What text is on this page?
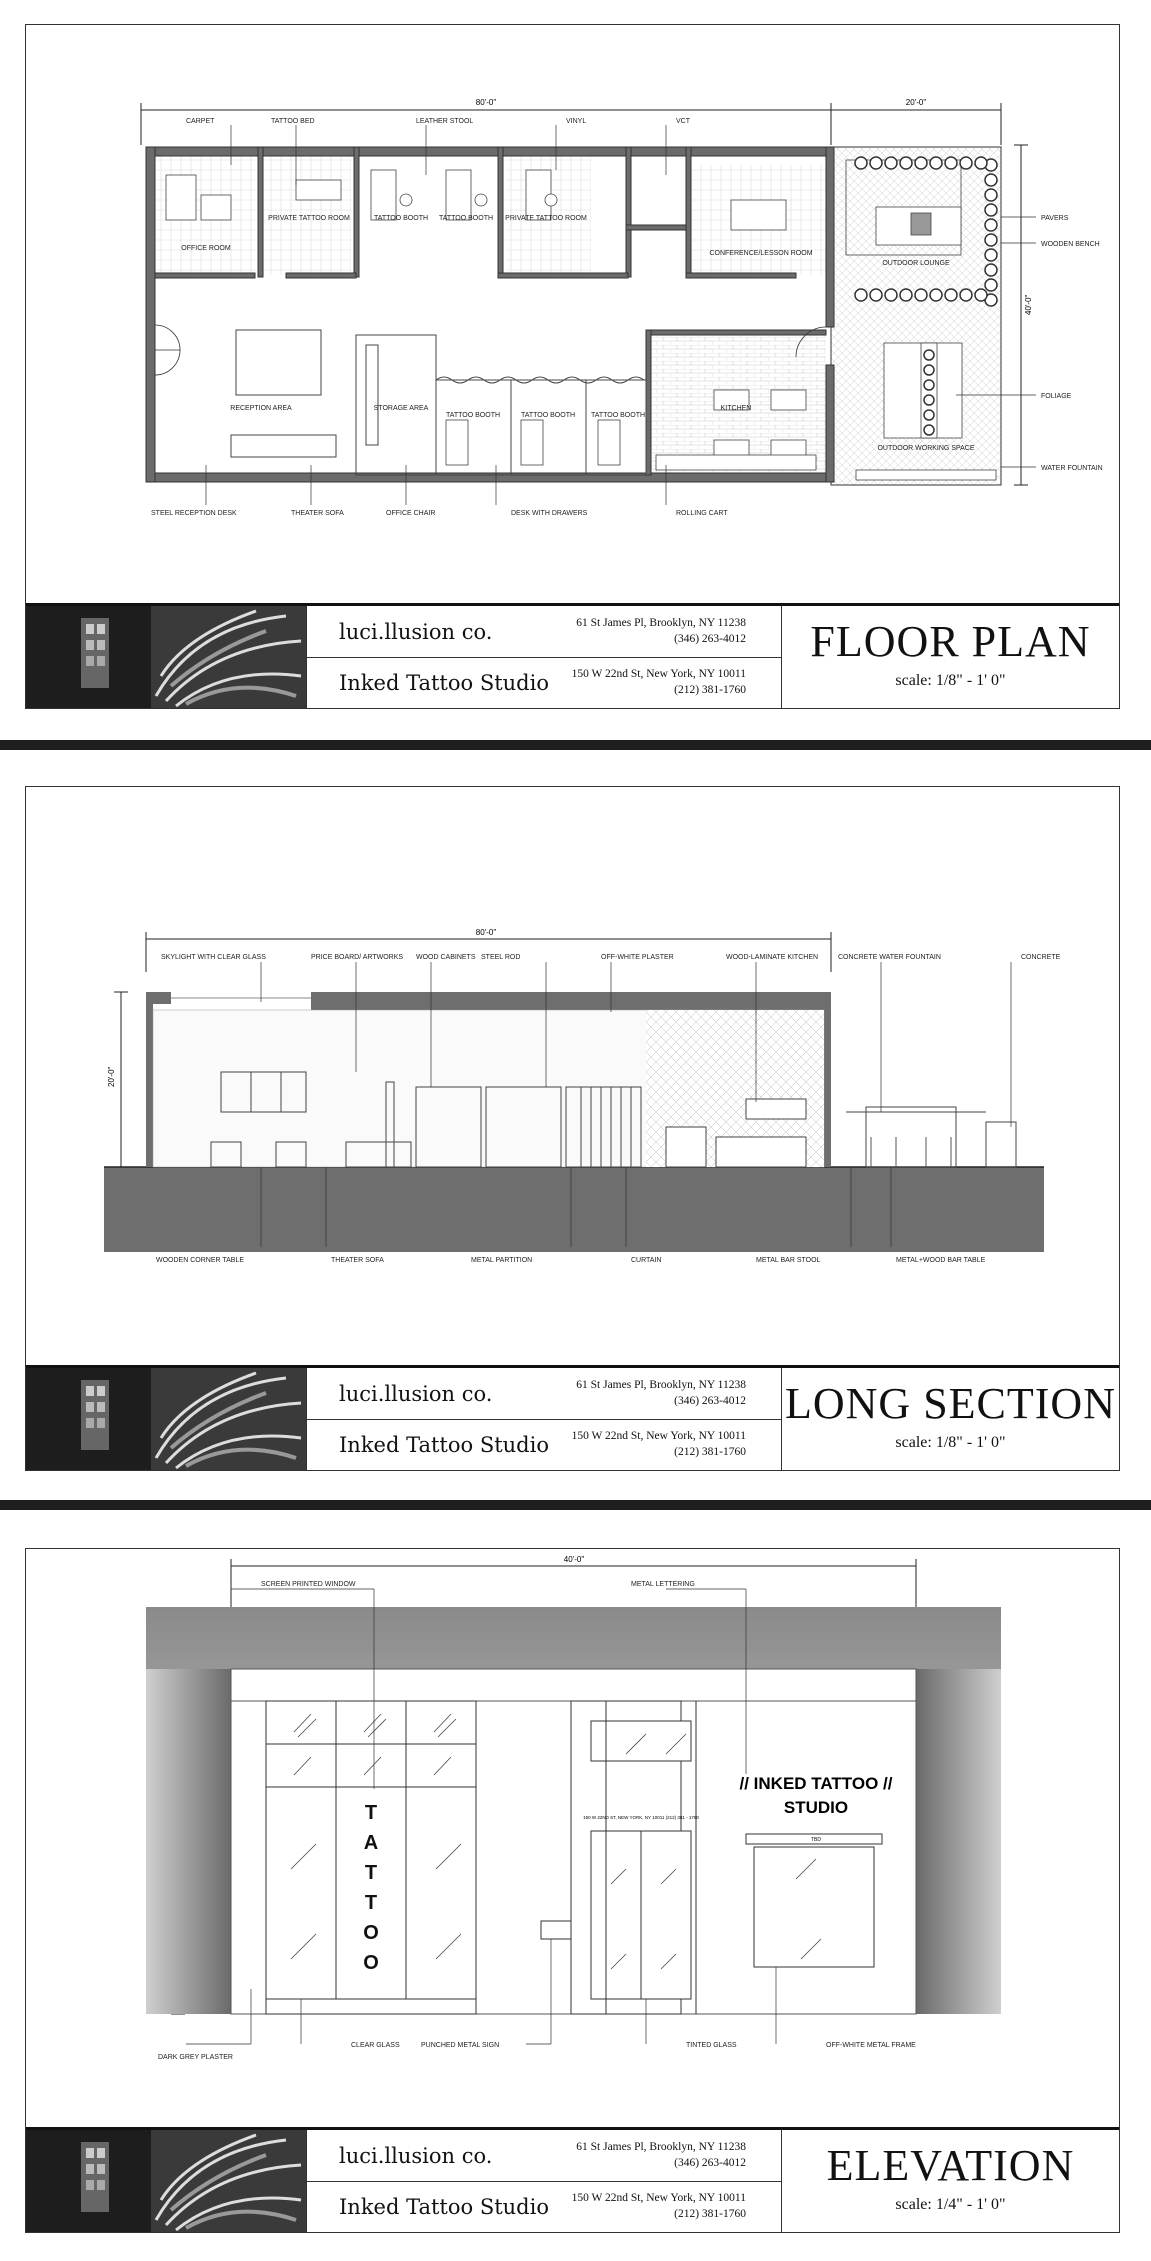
80'-0"	20'-0"
40'-0"
OFFICE ROOM
PRIVATE TATTOO ROOM	TATTOO BOOTH TATTOO BOOTH PRIVATE TATTOO ROOM
CONFERENCE/LESSON ROOM
OUTDOOR LOUNGE
RECEPTION AREA	STORAGE AREA
TATTOO BOOTH	TATTOO BOOTH TATTOO BOOTH
KITCHEN
OUTDOOR WORKING SPACE
CARPET	TATTOO BED	LEATHER STOOL	VINYL	VCT
PAVERS
WOODEN BENCH
FOLIAGE
WATER FOUNTAIN
STEEL RECEPTION DESK	THEATER SOFA	OFFICE CHAIR	DESK WITH DRAWERS	ROLLING CART
luci.llusion co.	61 St James Pl, Brooklyn, NY 11238
(346) 263-4012
Inked Tattoo Studio	150 W 22nd St, New York, NY 10011
(212) 381-1760
FLOOR PLAN
scale: 1/8" - 1' 0"
80'-0"
20'-0"
SKYLIGHT WITH CLEAR GLASS	PRICE BOARD/ ARTWORKS WOOD CABINETS STEEL ROD	OFF-WHITE PLASTER	WOOD-LAMINATE KITCHEN	CONCRETE WATER FOUNTAIN	CONCRETE
WOODEN CORNER TABLE	THEATER SOFA	METAL PARTITION	CURTAIN	METAL BAR STOOL	METAL+WOOD BAR TABLE
luci.llusion co.	61 St James Pl, Brooklyn, NY 11238
(346) 263-4012
Inked Tattoo Studio	150 W 22nd St, New York, NY 10011
(212) 381-1760
LONG SECTION
scale: 1/8" - 1' 0"
40'-0"
T
A
T
T
O
O
150 W 22ND ST, NEW YORK, NY 10011 (212) 381 - 1760
// INKED TATTOO //
STUDIO
TBD
SCREEN PRINTED WINDOW	METAL LETTERING
DARK GREY PLASTER
CLEAR GLASS	PUNCHED METAL SIGN	TINTED GLASS	OFF-WHITE METAL FRAME
luci.llusion co.	61 St James Pl, Brooklyn, NY 11238
(346) 263-4012
Inked Tattoo Studio	150 W 22nd St, New York, NY 10011
(212) 381-1760
ELEVATION
scale: 1/4" - 1' 0"
